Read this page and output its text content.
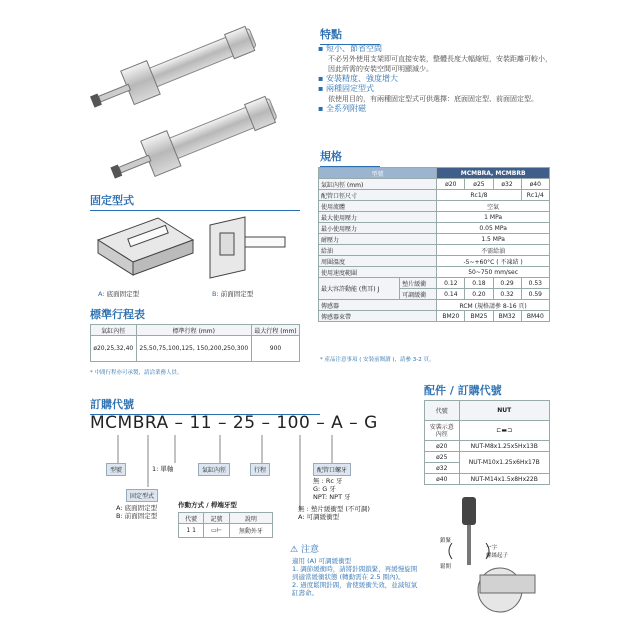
特點
▪ 短小、節省空間
不必另外使用支架即可直接安裝，整體長度大幅縮短，安裝距離可較小，因此所需的安裝空間可明顯減少。
▪ 安裝精度、強度增大
▪ 兩種固定型式
依使用目的，有兩種固定型式可供選擇：底面固定型、前面固定型。
▪ 全系列附磁
規格
型號		MCMBRA, MCMBRB			
氣缸內徑 (mm)		ø20	ø25	ø32	ø40
配管口徑尺寸		Rc1/8			Rc1/4
使用流體		空氣			
最大使用壓力		1 MPa			
最小使用壓力		0.05 MPa			
耐壓力		1.5 MPa			
給油		不需給油			
周圍溫度		-5~+60°C ( 不凍結 )			
使用速度範圍		50~750 mm/sec			
最大容許動能 (焦耳) J	墊片緩衝	0.12	0.18	0.29	0.53
	可調緩衝	0.14	0.20	0.32	0.59
傳感器		RCM (規格請參 8-16 頁)			
傳感器束帶		BM20	BM25	BM32	BM40
* 產品注意事項 ( 安裝前閱讀 )，請參 3-2 頁。
固定型式
A: 底面固定型	B: 前面固定型
標準行程表
氣缸內徑	標準行程 (mm)	最大行程 (mm)
ø20,25,32,40	25,50,75,100,125, 150,200,250,300	900
* 中間行程亦可承製，請洽業務人員。
訂購代號
MCMBRA – 11 – 25 – 100 – A – G
型號	1: 單軸	氣缸內徑	行程	配管口螺牙
無 : Rc 牙
G: G 牙
NPT: NPT 牙
固定型式
A: 底面固定型
B: 前面固定型
作動方式 / 桿端牙型
代號	記號	說明
1 1	▭⊢	無動外牙
無 : 墊片緩衝型 (不可調)
A: 可調緩衝型
⚠ 注意
適用 (A) 可調緩衝型
1. 調節緩衝時，請將針閥鎖緊，再緩慢旋開到適當緩衝狀態 (轉動需在 2.5 圈內)。
2. 過度鬆開針閥，會使緩衝失效，並減短氣缸壽命。
配件 / 訂購代號
代號	NUT

安裝示意
內徑	⊏▬⊐
ø20	NUT-M8x1.25x5Hx13B
ø25	NUT-M10x1.25x6Hx17B
ø32	
ø40	NUT-M14x1.5x8Hx22B
鎖緊
鬆開
一字
螺絲起子
